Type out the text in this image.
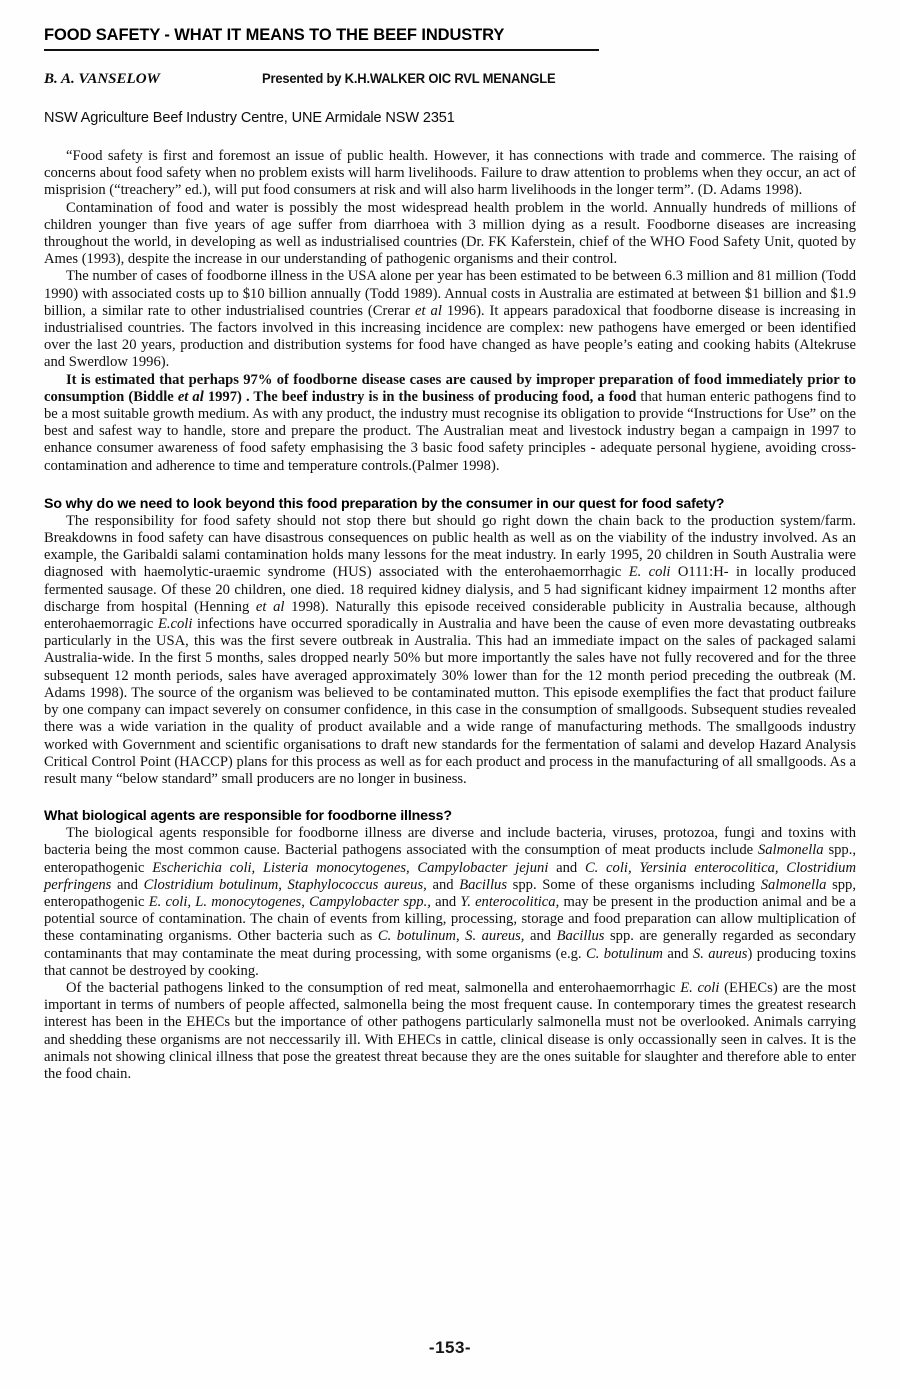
FOOD SAFETY - WHAT IT MEANS TO THE BEEF INDUSTRY
B. A. VANSELOW	Presented by K.H.WALKER OIC RVL MENANGLE
NSW Agriculture Beef Industry Centre, UNE Armidale NSW 2351

“Food safety is first and foremost an issue of public health. However, it has connections with trade and commerce. The raising of concerns about food safety when no problem exists will harm livelihoods. Failure to draw attention to problems when they occur, an act of misprision (“treachery” ed.), will put food consumers at risk and will also harm livelihoods in the longer term”. (D. Adams 1998).

Contamination of food and water is possibly the most widespread health problem in the world. Annually hundreds of millions of children younger than five years of age suffer from diarrhoea with 3 million dying as a result. Foodborne diseases are increasing throughout the world, in developing as well as industrialised countries (Dr. FK Kaferstein, chief of the WHO Food Safety Unit, quoted by Ames (1993), despite the increase in our understanding of pathogenic organisms and their control.

The number of cases of foodborne illness in the USA alone per year has been estimated to be between 6.3 million and 81 million (Todd 1990) with associated costs up to $10 billion annually (Todd 1989). Annual costs in Australia are estimated at between $1 billion and $1.9 billion, a similar rate to other industrialised countries (Crerar et al 1996). It appears paradoxical that foodborne disease is increasing in industrialised countries. The factors involved in this increasing incidence are complex: new pathogens have emerged or been identified over the last 20 years, production and distribution systems for food have changed as have people’s eating and cooking habits (Altekruse and Swerdlow 1996).

It is estimated that perhaps 97% of foodborne disease cases are caused by improper preparation of food immediately prior to consumption (Biddle et al 1997) . The beef industry is in the business of producing food, a food that human enteric pathogens find to be a most suitable growth medium. As with any product, the industry must recognise its obligation to provide “Instructions for Use” on the best and safest way to handle, store and prepare the product. The Australian meat and livestock industry began a campaign in 1997 to enhance consumer awareness of food safety emphasising the 3 basic food safety principles - adequate personal hygiene, avoiding cross-contamination and adherence to time and temperature controls.(Palmer 1998).

So why do we need to look beyond this food preparation by the consumer in our quest for food safety?

The responsibility for food safety should not stop there but should go right down the chain back to the production system/farm. Breakdowns in food safety can have disastrous consequences on public health as well as on the viability of the industry involved. As an example, the Garibaldi salami contamination holds many lessons for the meat industry. In early 1995, 20 children in South Australia were diagnosed with haemolytic-uraemic syndrome (HUS) associated with the enterohaemorrhagic E. coli O111:H- in locally produced fermented sausage. Of these 20 children, one died. 18 required kidney dialysis, and 5 had significant kidney impairment 12 months after discharge from hospital (Henning et al 1998). Naturally this episode received considerable publicity in Australia because, although enterohaemorragic E.coli infections have occurred sporadically in Australia and have been the cause of even more devastating outbreaks particularly in the USA, this was the first severe outbreak in Australia. This had an immediate impact on the sales of packaged salami Australia-wide. In the first 5 months, sales dropped nearly 50% but more importantly the sales have not fully recovered and for the three subsequent 12 month periods, sales have averaged approximately 30% lower than for the 12 month period preceding the outbreak (M. Adams 1998). The source of the organism was believed to be contaminated mutton. This episode exemplifies the fact that product failure by one company can impact severely on consumer confidence, in this case in the consumption of smallgoods. Subsequent studies revealed there was a wide variation in the quality of product available and a wide range of manufacturing methods. The smallgoods industry worked with Government and scientific organisations to draft new standards for the fermentation of salami and develop Hazard Analysis Critical Control Point (HACCP) plans for this process as well as for each product and process in the manufacturing of all smallgoods. As a result many “below standard” small producers are no longer in business.

What biological agents are responsible for foodborne illness?

The biological agents responsible for foodborne illness are diverse and include bacteria, viruses, protozoa, fungi and toxins with bacteria being the most common cause. Bacterial pathogens associated with the consumption of meat products include Salmonella spp., enteropathogenic Escherichia coli, Listeria monocytogenes, Campylobacter jejuni and C. coli, Yersinia enterocolitica, Clostridium perfringens and Clostridium botulinum, Staphylococcus aureus, and Bacillus spp. Some of these organisms including Salmonella spp, enteropathogenic E. coli, L. monocytogenes, Campylobacter spp., and Y. enterocolitica, may be present in the production animal and be a potential source of contamination. The chain of events from killing, processing, storage and food preparation can allow multiplication of these contaminating organisms. Other bacteria such as C. botulinum, S. aureus, and Bacillus spp. are generally regarded as secondary contaminants that may contaminate the meat during processing, with some organisms (e.g. C. botulinum and S. aureus) producing toxins that cannot be destroyed by cooking.

Of the bacterial pathogens linked to the consumption of red meat, salmonella and enterohaemorrhagic E. coli (EHECs) are the most important in terms of numbers of people affected, salmonella being the most frequent cause. In contemporary times the greatest research interest has been in the EHECs but the importance of other pathogens particularly salmonella must not be overlooked. Animals carrying and shedding these organisms are not neccessarily ill. With EHECs in cattle, clinical disease is only occassionally seen in calves. It is the animals not showing clinical illness that pose the greatest threat because they are the ones suitable for slaughter and therefore able to enter the food chain.

-153-
